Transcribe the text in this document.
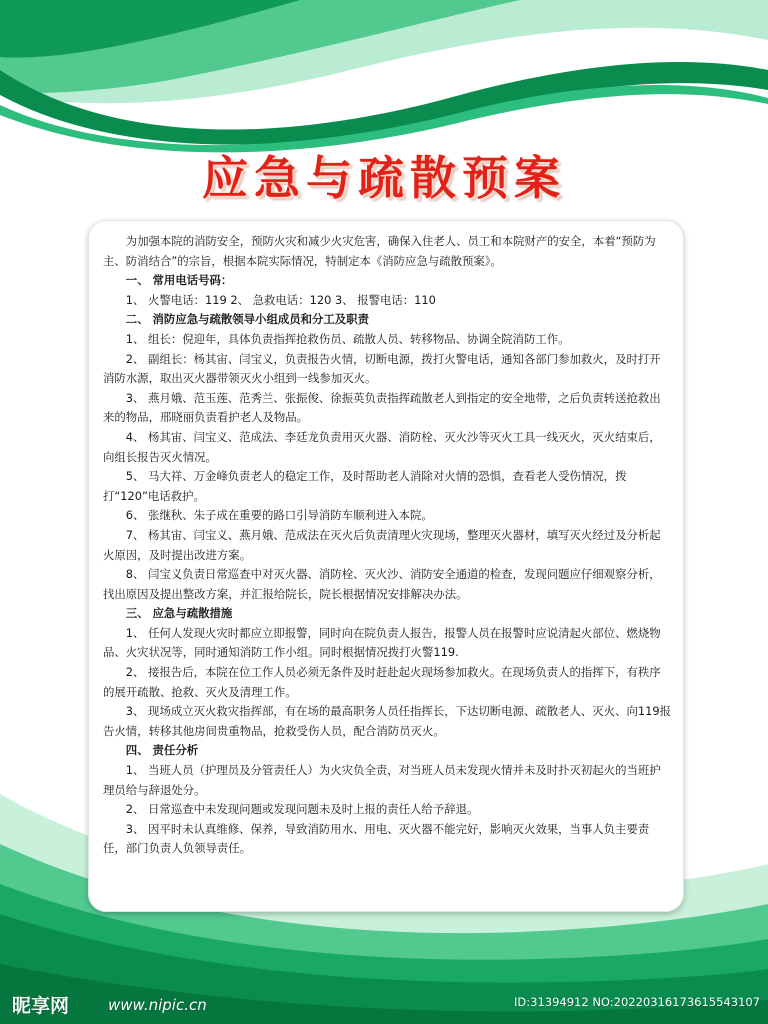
应急与疏散预案

为加强本院的消防安全，预防火灾和减少火灾危害，确保入住老人、员工和本院财产的安全，本着“预防为主、防消结合”的宗旨，根据本院实际情况，特制定本《消防应急与疏散预案》。

一、 常用电话号码：

1、 火警电话：119 2、 急救电话：120 3、 报警电话：110

二、 消防应急与疏散领导小组成员和分工及职责

1、 组长：倪迎年，具体负责指挥抢救伤员、疏散人员、转移物品、协调全院消防工作。

2、 副组长：杨其宙、闫宝义，负责报告火情，切断电源，拨打火警电话，通知各部门参加救火，及时打开消防水源，取出灭火器带领灭火小组到一线参加灭火。

3、 燕月娥、范玉莲、范秀兰、张振俊、徐振英负责指挥疏散老人到指定的安全地带，之后负责转送抢救出来的物品，邢晓丽负责看护老人及物品。

4、 杨其宙、闫宝义、范成法、李廷龙负责用灭火器、消防栓、灭火沙等灭火工具一线灭火，灭火结束后，向组长报告灭火情况。

5、 马大祥、万金峰负责老人的稳定工作，及时帮助老人消除对火情的恐惧，查看老人受伤情况，拨打“120”电话救护。

6、 张继秋、朱子成在重要的路口引导消防车顺利进入本院。

7、 杨其宙、闫宝义、燕月娥、范成法在灭火后负责清理火灾现场，整理灭火器材，填写灭火经过及分析起火原因，及时提出改进方案。

8、 闫宝义负责日常巡查中对灭火器、消防栓、灭火沙、消防安全通道的检查，发现问题应仔细观察分析，找出原因及提出整改方案，并汇报给院长，院长根据情况安排解决办法。

三、 应急与疏散措施

1、 任何人发现火灾时都应立即报警，同时向在院负责人报告，报警人员在报警时应说清起火部位、燃烧物品、火灾状况等，同时通知消防工作小组。同时根据情况拨打火警119.

2、 接报告后，本院在位工作人员必须无条件及时赶赴起火现场参加救火。在现场负责人的指挥下，有秩序的展开疏散、抢救、灭火及清理工作。

3、 现场成立灭火救灾指挥部，有在场的最高职务人员任指挥长，下达切断电源、疏散老人、灭火、向119报告火情，转移其他房间贵重物品，抢救受伤人员，配合消防员灭火。

四、 责任分析

1、 当班人员（护理员及分管责任人）为火灾负全责，对当班人员未发现火情并未及时扑灭初起火的当班护理员给与辞退处分。

2、 日常巡查中未发现问题或发现问题未及时上报的责任人给予辞退。

3、 因平时未认真维修、保养，导致消防用水、用电、灭火器不能完好，影响灭火效果，当事人负主要责任，部门负责人负领导责任。

昵享网	www.nipic.cn	ID:31394912 NO:20220316173615543107
